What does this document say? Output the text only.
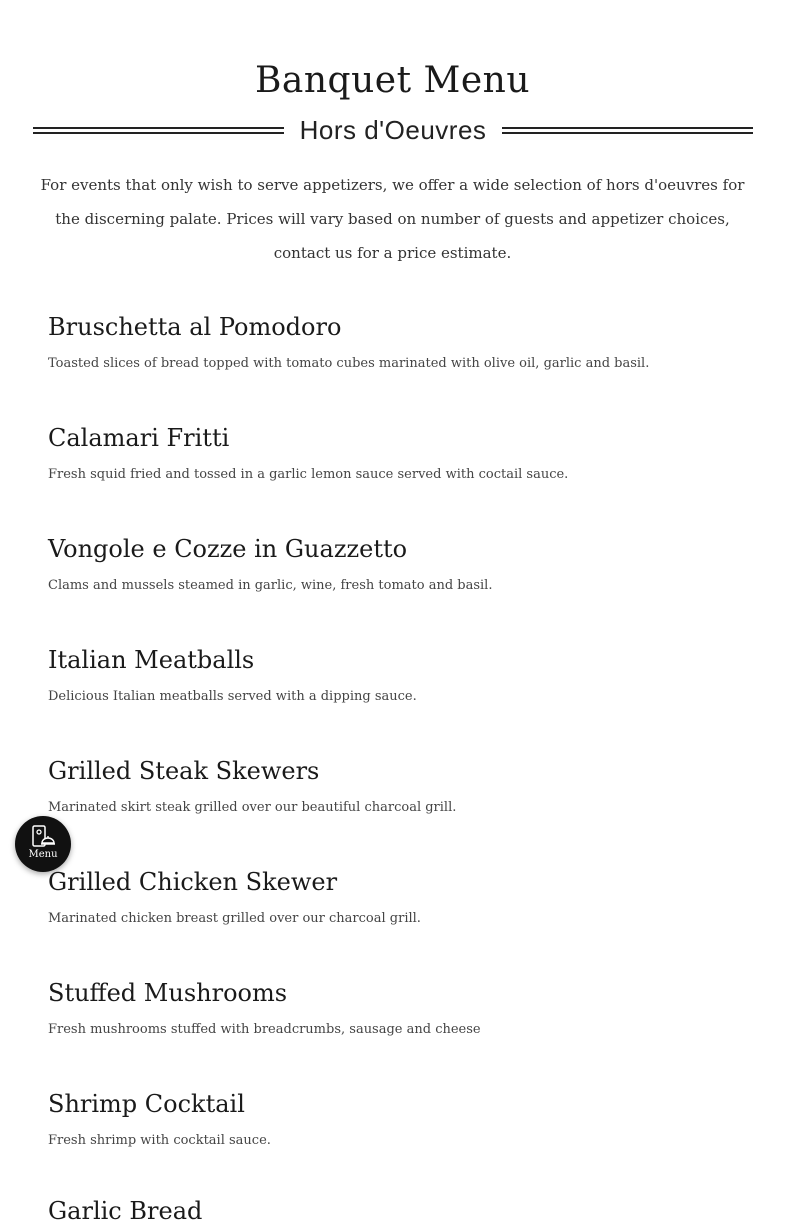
Banquet Menu
Hors d'Oeuvres

For events that only wish to serve appetizers, we offer a wide selection of hors d'oeuvres for the discerning palate. Prices will vary based on number of guests and appetizer choices, contact us for a price estimate.

Bruschetta al Pomodoro
Toasted slices of bread topped with tomato cubes marinated with olive oil, garlic and basil.
Calamari Fritti
Fresh squid fried and tossed in a garlic lemon sauce served with coctail sauce.
Vongole e Cozze in Guazzetto
Clams and mussels steamed in garlic, wine, fresh tomato and basil.
Italian Meatballs
Delicious Italian meatballs served with a dipping sauce.
Grilled Steak Skewers
Marinated skirt steak grilled over our beautiful charcoal grill.
Grilled Chicken Skewer
Marinated chicken breast grilled over our charcoal grill.
Stuffed Mushrooms
Fresh mushrooms stuffed with breadcrumbs, sausage and cheese
Shrimp Cocktail
Fresh shrimp with cocktail sauce.
Garlic Bread
Menu
